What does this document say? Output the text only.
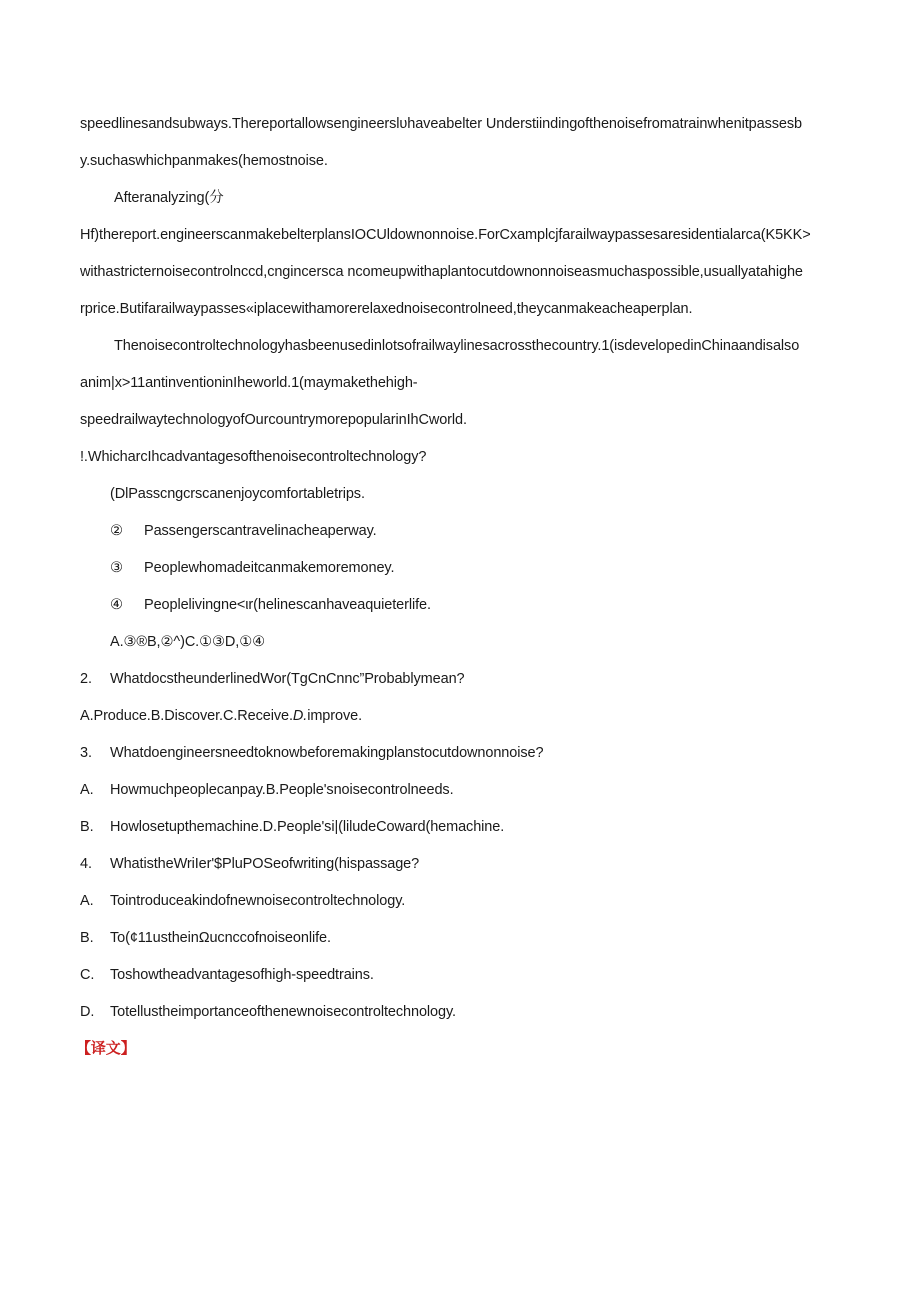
speedlinesandsubways.Thereportallowsengineerslυhaveabelter Understiindingofthenoisefromatrainwhenitpassesb
y.suchaswhichpanmakes(hemostnoise.
Afteranalyzing(分
Hf)thereport.engineerscanmakebelterplansIOCUldownonnoise.ForCxamplcjfarailwaypassesaresidentialarca(K5KK>
withastricternoisecontrolnccd,cngincersca ncomeupwithaplantocutdownonnoiseasmuchaspossible,usuallyatahighe
rprice.Butifarailwaypasses«iplacewithamorerelaxednoisecontrolneed,theycanmakeacheaperplan.
Thenoisecontroltechnologyhasbeenusedinlotsofrailwaylinesacrossthecountry.1(isdevelopedinChinaandisalso
anim|x>11antinventioninIheworld.1(maymakethehigh-
speedrailwaytechnologyofOurcountrymorepopularinIhCworld.
!.WhicharcIhcadvantagesofthenoisecontroltechnology?
(DlPasscngcrscanenjoycomfortabletrips.
② Passengerscantravelinacheaperway.
③ Peoplewhomadeitcanmakemoremoney.
④ Peoplelivingne<ιr(helinescanhaveaquieterlife.
A.③®B,②^)C.①③D,①④
2. WhatdocstheunderlinedWor(TgCnCnnc”Probablymean?
A.Produce.B.Discover.C.Receive.D.improve.
3. Whatdoengineersneedtoknowbeforemakingplanstocutdownonnoise?
A. Howmuchpeoplecanpay.B.People'snoisecontrolneeds.
B. Howlosetupthemachine.D.People'si|(liludeCoward(hemachine.
4. WhatistheWriIer'$PluPOSeofwriting(hispassage?
A. Tointroduceakindofnewnoisecontroltechnology.
B. To(¢11ustheinΩucnccofnoiseonlife.
C. Toshowtheadvantagesofhigh-speedtrains.
D. Totellustheimportanceofthenewnoisecontroltechnology.
【译文】
